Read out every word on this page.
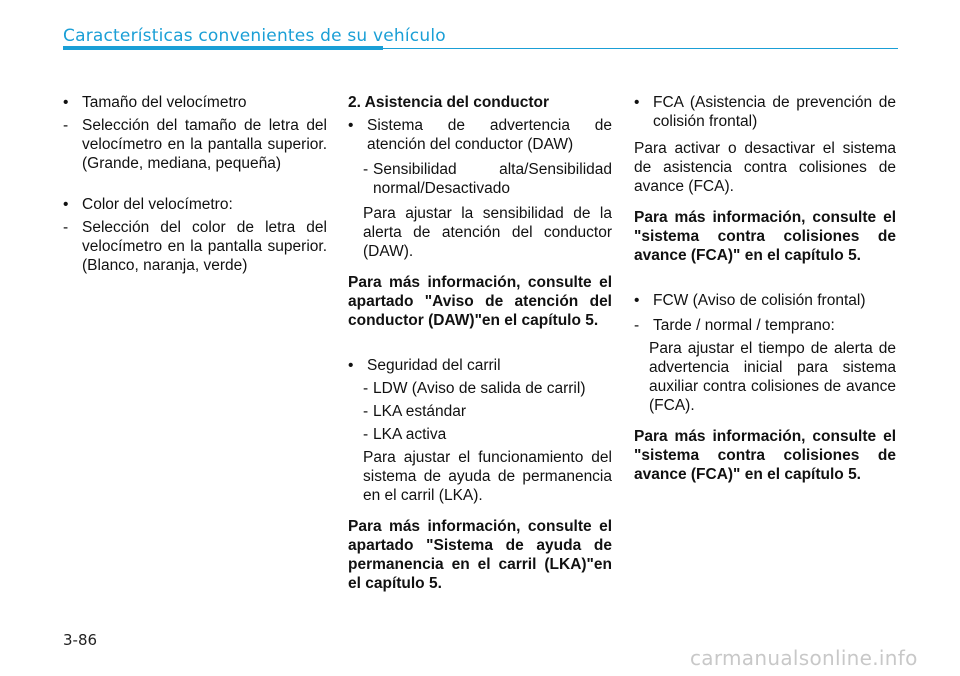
Características convenientes de su vehículo
• Tamaño del velocímetro
- Selección del tamaño de letra del velocímetro en la pantalla superior. (Grande, mediana, pequeña)
• Color del velocímetro:
- Selección del color de letra del velocímetro en la pantalla superior. (Blanco, naranja, verde)
2. Asistencia del conductor
• Sistema de advertencia de atención del conductor (DAW)
- Sensibilidad alta/Sensibilidad normal/Desactivado
Para ajustar la sensibilidad de la alerta de atención del conductor (DAW).
Para más información, consulte el apartado "Aviso de atención del conductor (DAW)"en el capítulo 5.
• Seguridad del carril
- LDW (Aviso de salida de carril)
- LKA estándar
- LKA activa
Para ajustar el funcionamiento del sistema de ayuda de permanencia en el carril (LKA).
Para más información, consulte el apartado "Sistema de ayuda de permanencia en el carril (LKA)"en el capítulo 5.
• FCA (Asistencia de prevención de colisión frontal)
Para activar o desactivar el sistema de asistencia contra colisiones de avance (FCA).
Para más información, consulte el "sistema contra colisiones de avance (FCA)" en el capítulo 5.
• FCW (Aviso de colisión frontal)
- Tarde / normal / temprano:
Para ajustar el tiempo de alerta de advertencia inicial para sistema auxiliar contra colisiones de avance (FCA).
Para más información, consulte el "sistema contra colisiones de avance (FCA)" en el capítulo 5.
3-86
carmanualsonline.info
